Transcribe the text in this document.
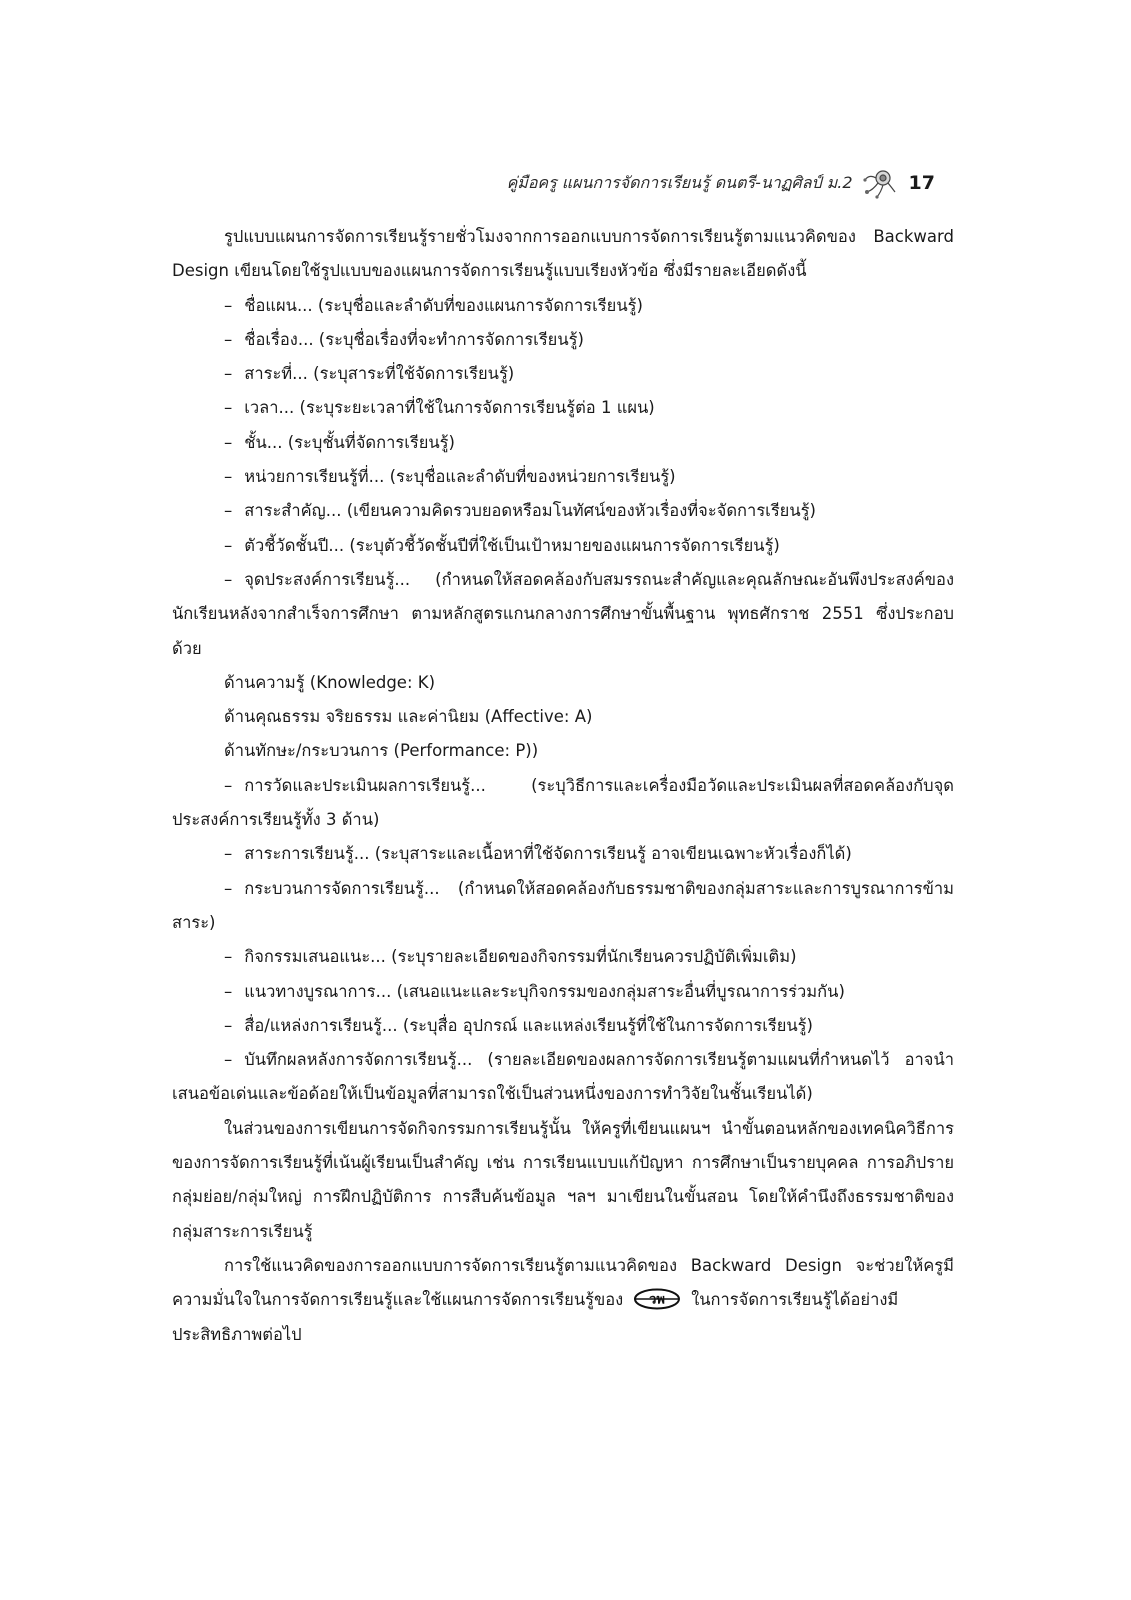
คู่มือครู แผนการจัดการเรียนรู้ ดนตรี-นาฏศิลป์ ม.2	17

รูปแบบแผนการจัดการเรียนรู้รายชั่วโมงจากการออกแบบการจัดการเรียนรู้ตามแนวคิดของ Backward Design เขียนโดยใช้รูปแบบของแผนการจัดการเรียนรู้แบบเรียงหัวข้อ ซึ่งมีรายละเอียดดังนี้

– ชื่อแผน... (ระบุชื่อและลำดับที่ของแผนการจัดการเรียนรู้)

– ชื่อเรื่อง... (ระบุชื่อเรื่องที่จะทำการจัดการเรียนรู้)

– สาระที่... (ระบุสาระที่ใช้จัดการเรียนรู้)

– เวลา... (ระบุระยะเวลาที่ใช้ในการจัดการเรียนรู้ต่อ 1 แผน)

– ชั้น... (ระบุชั้นที่จัดการเรียนรู้)

– หน่วยการเรียนรู้ที่... (ระบุชื่อและลำดับที่ของหน่วยการเรียนรู้)

– สาระสำคัญ... (เขียนความคิดรวบยอดหรือมโนทัศน์ของหัวเรื่องที่จะจัดการเรียนรู้)

– ตัวชี้วัดชั้นปี... (ระบุตัวชี้วัดชั้นปีที่ใช้เป็นเป้าหมายของแผนการจัดการเรียนรู้)

– จุดประสงค์การเรียนรู้... (กำหนดให้สอดคล้องกับสมรรถนะสำคัญและคุณลักษณะอันพึงประสงค์ของนักเรียนหลังจากสำเร็จการศึกษา ตามหลักสูตรแกนกลางการศึกษาขั้นพื้นฐาน พุทธศักราช 2551 ซึ่งประกอบด้วย

ด้านความรู้ (Knowledge: K)

ด้านคุณธรรม จริยธรรม และค่านิยม (Affective: A)

ด้านทักษะ/กระบวนการ (Performance: P))

– การวัดและประเมินผลการเรียนรู้... (ระบุวิธีการและเครื่องมือวัดและประเมินผลที่สอดคล้องกับจุดประสงค์การเรียนรู้ทั้ง 3 ด้าน)

– สาระการเรียนรู้... (ระบุสาระและเนื้อหาที่ใช้จัดการเรียนรู้ อาจเขียนเฉพาะหัวเรื่องก็ได้)

– กระบวนการจัดการเรียนรู้... (กำหนดให้สอดคล้องกับธรรมชาติของกลุ่มสาระและการบูรณาการข้ามสาระ)

– กิจกรรมเสนอแนะ... (ระบุรายละเอียดของกิจกรรมที่นักเรียนควรปฏิบัติเพิ่มเติม)

– แนวทางบูรณาการ... (เสนอแนะและระบุกิจกรรมของกลุ่มสาระอื่นที่บูรณาการร่วมกัน)

– สื่อ/แหล่งการเรียนรู้... (ระบุสื่อ อุปกรณ์ และแหล่งเรียนรู้ที่ใช้ในการจัดการเรียนรู้)

– บันทึกผลหลังการจัดการเรียนรู้... (รายละเอียดของผลการจัดการเรียนรู้ตามแผนที่กำหนดไว้ อาจนำเสนอข้อเด่นและข้อด้อยให้เป็นข้อมูลที่สามารถใช้เป็นส่วนหนึ่งของการทำวิจัยในชั้นเรียนได้)

ในส่วนของการเขียนการจัดกิจกรรมการเรียนรู้นั้น ให้ครูที่เขียนแผนฯ นำขั้นตอนหลักของเทคนิควิธีการของการจัดการเรียนรู้ที่เน้นผู้เรียนเป็นสำคัญ เช่น การเรียนแบบแก้ปัญหา การศึกษาเป็นรายบุคคล การอภิปรายกลุ่มย่อย/กลุ่มใหญ่ การฝึกปฏิบัติการ การสืบค้นข้อมูล ฯลฯ มาเขียนในขั้นสอน โดยให้คำนึงถึงธรรมชาติของกลุ่มสาระการเรียนรู้

การใช้แนวคิดของการออกแบบการจัดการเรียนรู้ตามแนวคิดของ Backward Design จะช่วยให้ครูมีความมั่นใจในการจัดการเรียนรู้และใช้แผนการจัดการเรียนรู้ของ วพ ในการจัดการเรียนรู้ได้อย่างมีประสิทธิภาพต่อไป
